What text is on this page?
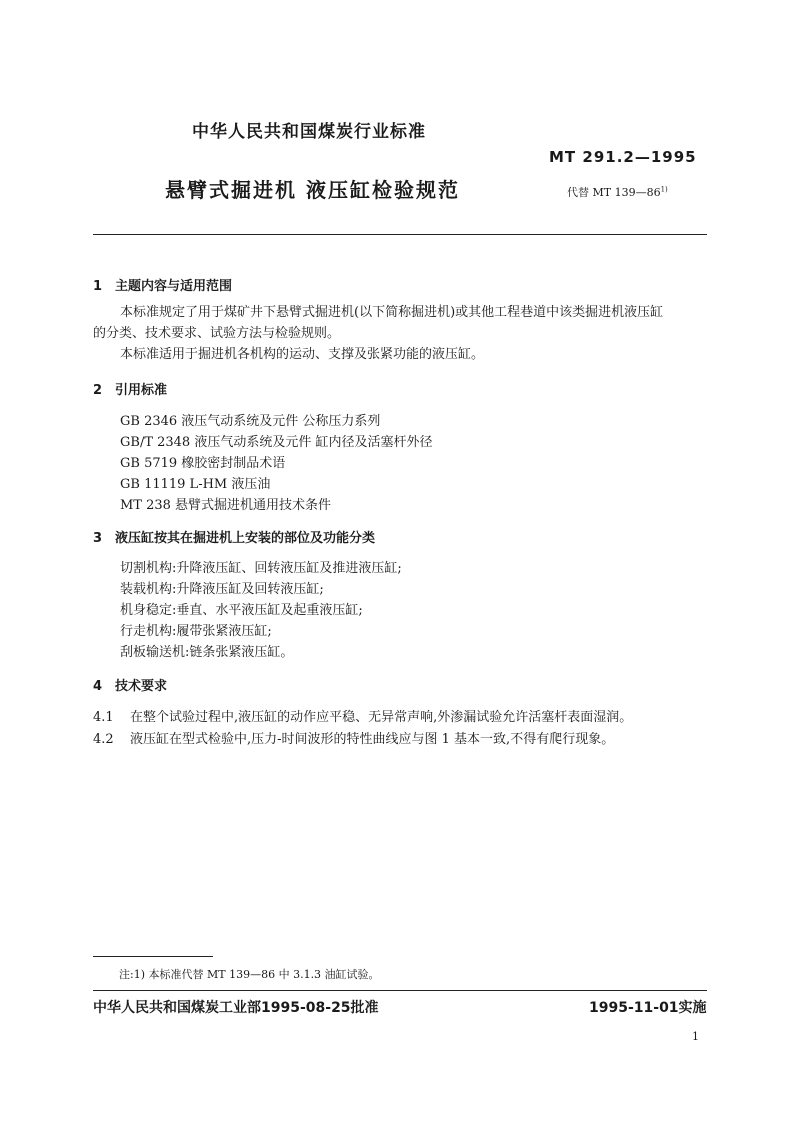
中华人民共和国煤炭行业标准
MT 291.2—1995
悬臂式掘进机 液压缸检验规范	代替 MT 139—86$^{1)}$
1 主题内容与适用范围
本标准规定了用于煤矿井下悬臂式掘进机(以下简称掘进机)或其他工程巷道中该类掘进机液压缸
的分类、技术要求、试验方法与检验规则。
本标准适用于掘进机各机构的运动、支撑及张紧功能的液压缸。
2 引用标准
GB 2346 液压气动系统及元件 公称压力系列
GB/T 2348 液压气动系统及元件 缸内径及活塞杆外径
GB 5719 橡胶密封制品术语
GB 11119 L-HM 液压油
MT 238 悬臂式掘进机通用技术条件
3 液压缸按其在掘进机上安装的部位及功能分类
切割机构:升降液压缸、回转液压缸及推进液压缸;
装载机构:升降液压缸及回转液压缸;
机身稳定:垂直、水平液压缸及起重液压缸;
行走机构:履带张紧液压缸;
刮板输送机:链条张紧液压缸。
4 技术要求
4.1 在整个试验过程中,液压缸的动作应平稳、无异常声响,外渗漏试验允许活塞杆表面湿润。
4.2 液压缸在型式检验中,压力-时间波形的特性曲线应与图 1 基本一致,不得有爬行现象。
注:1) 本标准代替 MT 139—86 中 3.1.3 油缸试验。
中华人民共和国煤炭工业部1995-08-25批准	1995-11-01实施
1
